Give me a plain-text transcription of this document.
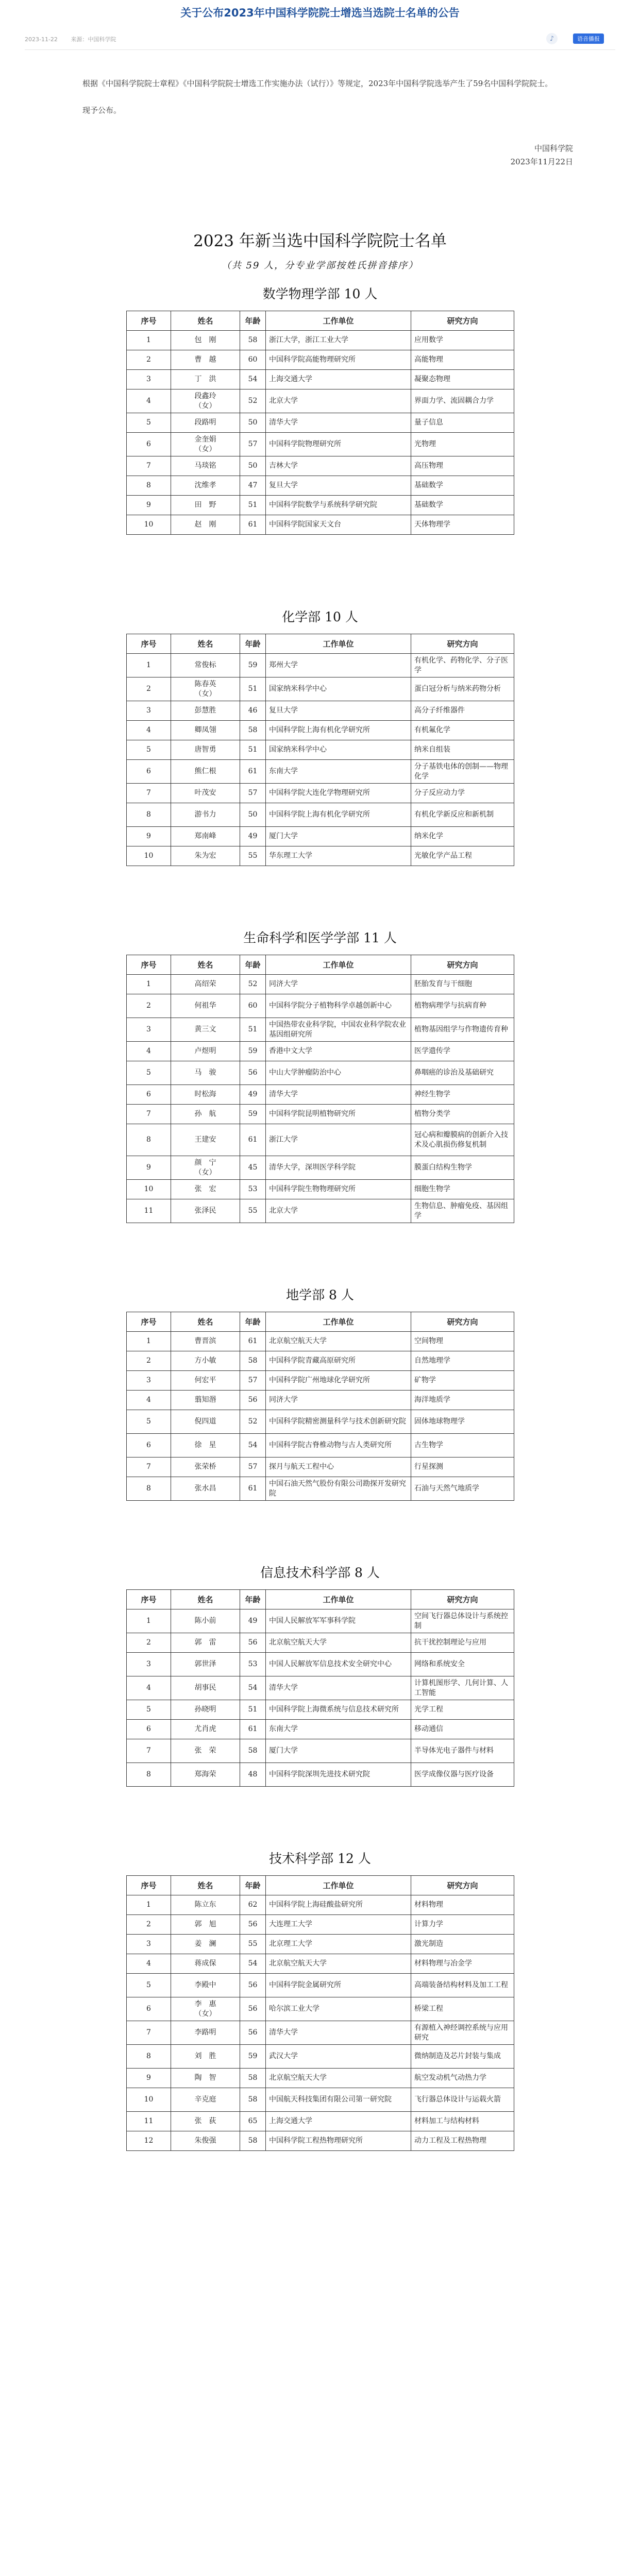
关于公布2023年中国科学院院士增选当选院士名单的公告
2023-11-22 来源：中国科学院	♪	语音播报

根据《中国科学院院士章程》《中国科学院院士增选工作实施办法（试行）》等规定，2023年中国科学院选举产生了59名中国科学院院士。

现予公布。

中国科学院
2023年11月22日
2023 年新当选中国科学院院士名单
（共 59 人，分专业学部按姓氏拼音排序）
数学物理学部 10 人
序号	姓名	年龄	工作单位	研究方向
1	包　刚	58	浙江大学，浙江工业大学	应用数学
2	曹　越	60	中国科学院高能物理研究所	高能物理
3	丁　洪	54	上海交通大学	凝聚态物理
4	段鑫玲
（女）	52	北京大学	界面力学、流固耦合力学
5	段路明	50	清华大学	量子信息
6	金奎娟
（女）	57	中国科学院物理研究所	光物理
7	马琰铭	50	吉林大学	高压物理
8	沈维孝	47	复旦大学	基础数学
9	田　野	51	中国科学院数学与系统科学研究院	基础数学
10	赵　刚	61	中国科学院国家天文台	天体物理学
化学部 10 人
序号	姓名	年龄	工作单位	研究方向
1	常俊标	59	郑州大学	有机化学、药物化学、分子医学
2	陈春英
（女）	51	国家纳米科学中心	蛋白冠分析与纳米药物分析
3	彭慧胜	46	复旦大学	高分子纤维器件
4	卿凤翎	58	中国科学院上海有机化学研究所	有机氟化学
5	唐智勇	51	国家纳米科学中心	纳米自组装
6	熊仁根	61	东南大学	分子基铁电体的创制——物理化学
7	叶茂安	57	中国科学院大连化学物理研究所	分子反应动力学
8	游书力	50	中国科学院上海有机化学研究所	有机化学新反应和新机制
9	郑南峰	49	厦门大学	纳米化学
10	朱为宏	55	华东理工大学	光敏化学产品工程
生命科学和医学学部 11 人
序号	姓名	年龄	工作单位	研究方向
1	高绍荣	52	同济大学	胚胎发育与干细胞
2	何祖华	60	中国科学院分子植物科学卓越创新中心	植物病理学与抗病育种
3	黄三文	51	中国热带农业科学院，中国农业科学院农业基因组研究所	植物基因组学与作物遗传育种
4	卢煜明	59	香港中文大学	医学遗传学
5	马　骏	56	中山大学肿瘤防治中心	鼻咽癌的诊治及基础研究
6	时松海	49	清华大学	神经生物学
7	孙　航	59	中国科学院昆明植物研究所	植物分类学
8	王建安	61	浙江大学	冠心病和瓣膜病的创新介入技术及心肌损伤修复机制
9	颜　宁
（女）	45	清华大学，深圳医学科学院	膜蛋白结构生物学
10	张　宏	53	中国科学院生物物理研究所	细胞生物学
11	张泽民	55	北京大学	生物信息、肿瘤免疫、基因组学
地学部 8 人
序号	姓名	年龄	工作单位	研究方向
1	曹晋滨	61	北京航空航天大学	空间物理
2	方小敏	58	中国科学院青藏高原研究所	自然地理学
3	何宏平	57	中国科学院广州地球化学研究所	矿物学
4	翦知湣	56	同济大学	海洋地质学
5	倪四道	52	中国科学院精密测量科学与技术创新研究院	固体地球物理学
6	徐　星	54	中国科学院古脊椎动物与古人类研究所	古生物学
7	张荣桥	57	探月与航天工程中心	行星探测
8	张水昌	61	中国石油天然气股份有限公司勘探开发研究院	石油与天然气地质学
信息技术科学部 8 人
序号	姓名	年龄	工作单位	研究方向
1	陈小前	49	中国人民解放军军事科学院	空间飞行器总体设计与系统控制
2	郭　雷	56	北京航空航天大学	抗干扰控制理论与应用
3	郭世泽	53	中国人民解放军信息技术安全研究中心	网络和系统安全
4	胡事民	54	清华大学	计算机图形学、几何计算、人工智能
5	孙晓明	51	中国科学院上海微系统与信息技术研究所	光学工程
6	尤肖虎	61	东南大学	移动通信
7	张　荣	58	厦门大学	半导体光电子器件与材料
8	郑海荣	48	中国科学院深圳先进技术研究院	医学成像仪器与医疗设备
技术科学部 12 人
序号	姓名	年龄	工作单位	研究方向
1	陈立东	62	中国科学院上海硅酸盐研究所	材料物理
2	郭　旭	56	大连理工大学	计算力学
3	姜　澜	55	北京理工大学	激光制造
4	蒋成保	54	北京航空航天大学	材料物理与冶金学
5	李殿中	56	中国科学院金属研究所	高端装备结构材料及加工工程
6	李　惠
（女）	56	哈尔滨工业大学	桥梁工程
7	李路明	56	清华大学	有源植入神经调控系统与应用研究
8	刘　胜	59	武汉大学	微纳制造及芯片封装与集成
9	陶　智	58	北京航空航天大学	航空发动机气动热力学
10	辛克庭	58	中国航天科技集团有限公司第一研究院	飞行器总体设计与运载火箭
11	张　荻	65	上海交通大学	材料加工与结构材料
12	朱俊强	58	中国科学院工程热物理研究所	动力工程及工程热物理
